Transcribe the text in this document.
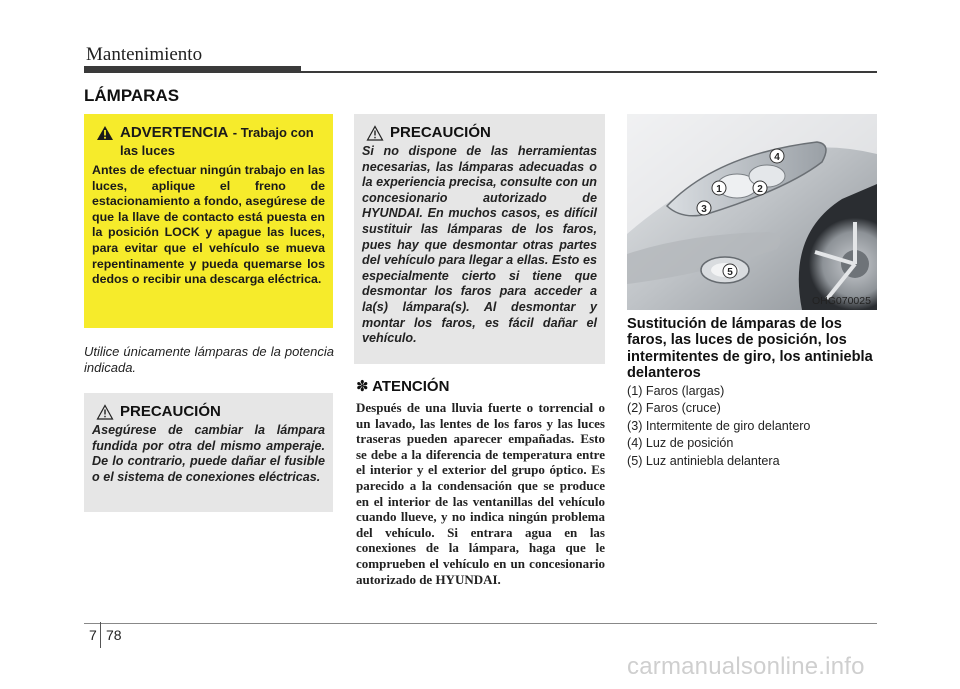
Mantenimiento
LÁMPARAS
ADVERTENCIA - Trabajo con las luces
Antes de efectuar ningún trabajo en las luces, aplique el freno de estacionamiento a fondo, asegúrese de que la llave de contacto está puesta en la posición LOCK y apague las luces, para evitar que el vehículo se mueva repentinamente y pueda quemarse los dedos o recibir una descarga eléctrica.
Utilice únicamente lámparas de la potencia indicada.
PRECAUCIÓN
Asegúrese de cambiar la lámpara fundida por otra del mismo amperaje. De lo contrario, puede dañar el fusible o el sistema de conexiones eléctricas.
PRECAUCIÓN
Si no dispone de las herramientas necesarias, las lámparas adecuadas o la experiencia precisa, consulte con un concesionario autorizado de HYUNDAI. En muchos casos, es difícil sustituir las lámparas de los faros, pues hay que desmontar otras partes del vehículo para llegar a ellas. Esto es especialmente cierto si tiene que desmontar los faros para acceder a la(s) lámpara(s). Al desmontar y montar los faros, es fácil dañar el vehículo.
✽ ATENCIÓN
Después de una lluvia fuerte o torrencial o un lavado, las lentes de los faros y las luces traseras pueden aparecer empañadas. Esto se debe a la diferencia de temperatura entre el interior y el exterior del grupo óptico. Es parecido a la condensación que se produce en el interior de las ventanillas del vehículo cuando llueve, y no indica ningún problema del vehículo. Si entrara agua en las conexiones de la lámpara, haga que le comprueben el vehículo en un concesionario autorizado de HYUNDAI.
1	2
3
4
5
OHG070025
Sustitución de lámparas de los faros, las luces de posición, los intermitentes de giro, los antiniebla delanteros
(1) Faros (largas)
(2) Faros (cruce)
(3) Intermitente de giro delantero
(4) Luz de posición
(5) Luz antiniebla delantera
7 78
carmanualsonline.info
